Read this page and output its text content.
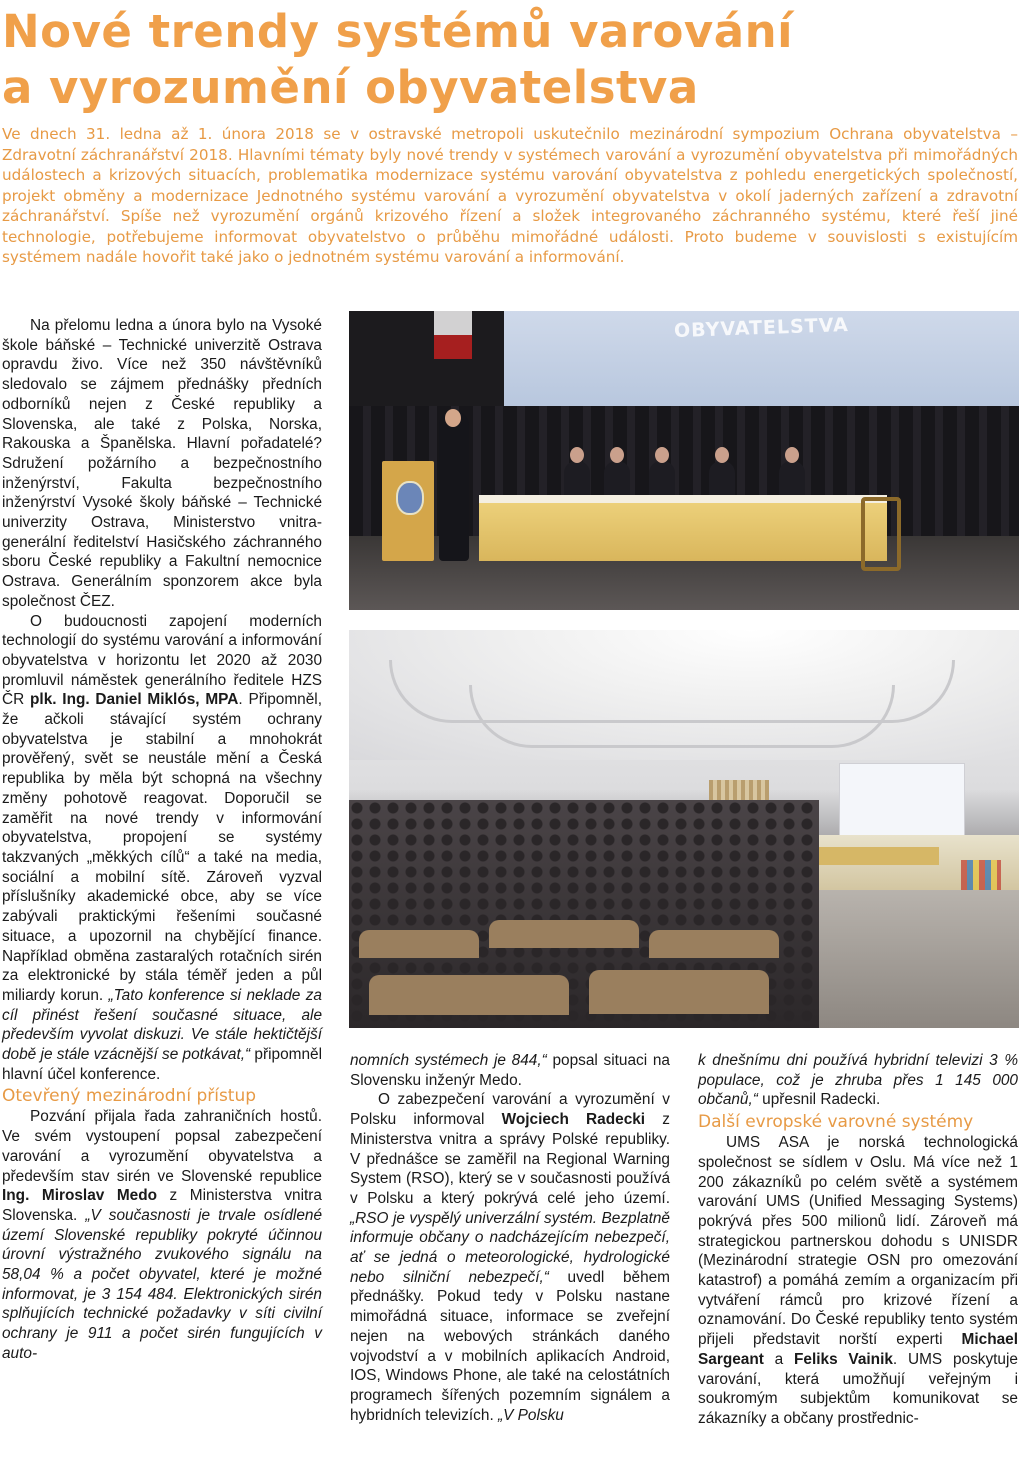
Nové trendy systémů varování
a vyrozumění obyvatelstva

Ve dnech 31. ledna až 1. února 2018 se v ostravské metropoli uskutečnilo mezinárodní sympozium Ochrana obyvatelstva – Zdravotní záchranářství 2018. Hlavními tématy byly nové trendy v systémech varování a vyrozumění obyvatelstva při mimořádných událostech a krizových situacích, problematika modernizace systému varování obyvatelstva z pohledu energetických společností, projekt obměny a modernizace Jednotného systému varování a vyrozumění obyvatelstva v okolí jaderných zařízení a zdravotní záchranářství. Spíše než vyrozumění orgánů krizového řízení a složek integrovaného záchranného systému, které řeší jiné technologie, potřebujeme informovat obyvatelstvo o průběhu mimořádné události. Proto budeme v souvislosti s existujícím systémem nadále hovořit také jako o jednotném systému varování a informování.

Na přelomu ledna a února bylo na Vysoké škole báňské – Technické univerzitě Ostrava opravdu živo. Více než 350 návštěvníků sledovalo se zájmem přednášky předních odborníků nejen z České republiky a Slovenska, ale také z Polska, Norska, Rakouska a Španělska. Hlavní pořadatelé? Sdružení požárního a bezpečnostního inženýrství, Fakulta bezpečnostního inženýrství Vysoké školy báňské – Technické univerzity Ostrava, Ministerstvo vnitra-generální ředitelství Hasičského záchranného sboru České republiky a Fakultní nemocnice Ostrava. Generálním sponzorem akce byla společnost ČEZ.

O budoucnosti zapojení moderních technologií do systému varování a informování obyvatelstva v horizontu let 2020 až 2030 promluvil náměstek generálního ředitele HZS ČR plk. Ing. Daniel Miklós, MPA. Připomněl, že ačkoli stávající systém ochrany obyvatelstva je stabilní a mnohokrát prověřený, svět se neustále mění a Česká republika by měla být schopná na všechny změny pohotově reagovat. Doporučil se zaměřit na nové trendy v informování obyvatelstva, propojení se systémy takzvaných „měkkých cílů“ a také na media, sociální a mobilní sítě. Zároveň vyzval příslušníky akademické obce, aby se více zabývali praktickými řešeními současné situace, a upozornil na chybějící finance. Například obměna zastaralých rotačních sirén za elektronické by stála téměř jeden a půl miliardy korun. „Tato konference si neklade za cíl přinést řešení současné situace, ale především vyvolat diskuzi. Ve stále hektičtější době je stále vzácnější se potkávat,“ připomněl hlavní účel konference.

Otevřený mezinárodní přístup

Pozvání přijala řada zahraničních hostů. Ve svém vystoupení popsal zabezpečení varování a vyrozumění obyvatelstva a především stav sirén ve Slovenské republice Ing. Miroslav Medo z Ministerstva vnitra Slovenska. „V současnosti je trvale osídlené území Slovenské republiky pokryté účinnou úrovní výstražného zvukového signálu na 58,04 % a počet obyvatel, které je možné informovat, je 3 154 484. Elektronických sirén splňujících technické požadavky v síti civilní ochrany je 911 a počet sirén fungujících v auto-

OBYVATELSTVA

nomních systémech je 844,“ popsal situaci na Slovensku inženýr Medo.

O zabezpečení varování a vyrozumění v Polsku informoval Wojciech Radecki z Ministerstva vnitra a správy Polské republiky. V přednášce se zaměřil na Regional Warning System (RSO), který se v současnosti používá v Polsku a který pokrývá celé jeho území. „RSO je vyspělý univerzální systém. Bezplatně informuje občany o nadcházejícím nebezpečí, ať se jedná o meteorologické, hydrologické nebo silniční nebezpečí,“ uvedl během přednášky. Pokud tedy v Polsku nastane mimořádná situace, informace se zveřejní nejen na webových stránkách daného vojvodství a v mobilních aplikacích Android, IOS, Windows Phone, ale také na celostátních programech šířených pozemním signálem a hybridních televizích. „V Polsku

k dnešnímu dni používá hybridní televizi 3 % populace, což je zhruba přes 1 145 000 občanů,“ upřesnil Radecki.

Další evropské varovné systémy

UMS ASA je norská technologická společnost se sídlem v Oslu. Má více než 1 200 zákazníků po celém světě a systémem varování UMS (Unified Messaging Systems) pokrývá přes 500 milionů lidí. Zároveň má strategickou partnerskou dohodu s UNISDR (Mezinárodní strategie OSN pro omezování katastrof) a pomáhá zemím a organizacím při vytváření rámců pro krizové řízení a oznamování. Do České republiky tento systém přijeli představit norští experti Michael Sargeant a Feliks Vainik. UMS poskytuje varování, která umožňují veřejným i soukromým subjektům komunikovat se zákazníky a občany prostřednic-
